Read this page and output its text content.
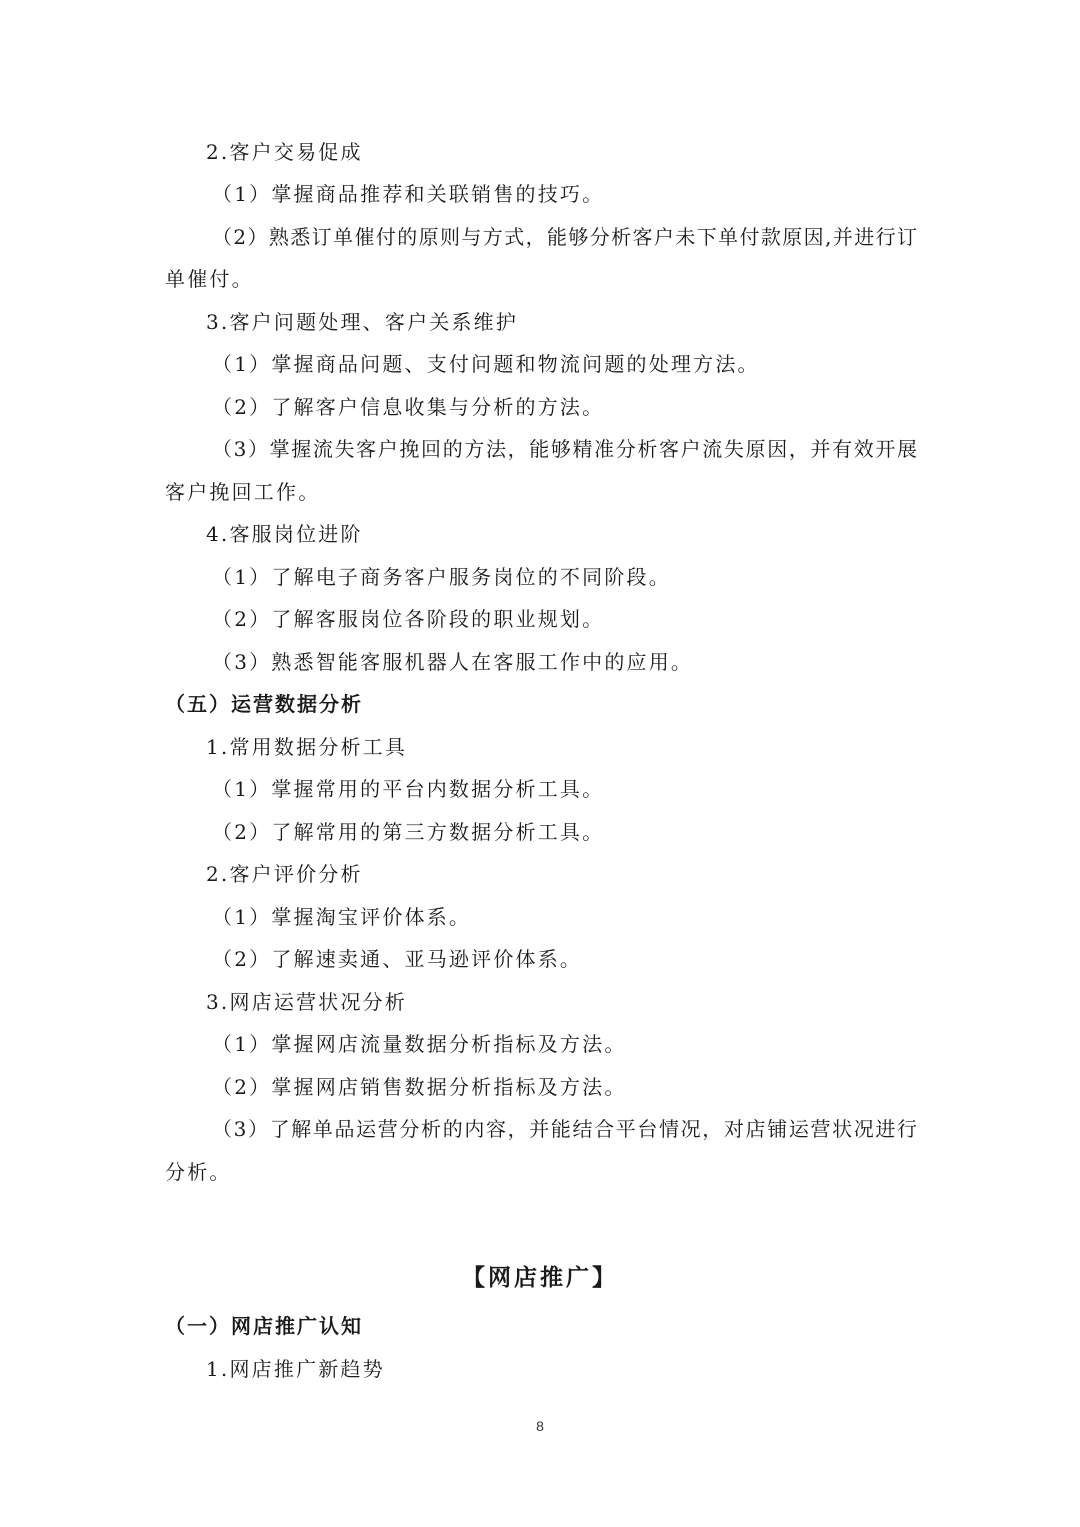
2.客户交易促成
（1）掌握商品推荐和关联销售的技巧。
（2）熟悉订单催付的原则与方式，能够分析客户未下单付款原因,并进行订
单催付。
3.客户问题处理、客户关系维护
（1）掌握商品问题、支付问题和物流问题的处理方法。
（2）了解客户信息收集与分析的方法。
（3）掌握流失客户挽回的方法，能够精准分析客户流失原因，并有效开展
客户挽回工作。
4.客服岗位进阶
（1）了解电子商务客户服务岗位的不同阶段。
（2）了解客服岗位各阶段的职业规划。
（3）熟悉智能客服机器人在客服工作中的应用。
（五）运营数据分析
1.常用数据分析工具
（1）掌握常用的平台内数据分析工具。
（2）了解常用的第三方数据分析工具。
2.客户评价分析
（1）掌握淘宝评价体系。
（2）了解速卖通、亚马逊评价体系。
3.网店运营状况分析
（1）掌握网店流量数据分析指标及方法。
（2）掌握网店销售数据分析指标及方法。
（3）了解单品运营分析的内容，并能结合平台情况，对店铺运营状况进行
分析。
【网店推广】
（一）网店推广认知
1.网店推广新趋势
8
